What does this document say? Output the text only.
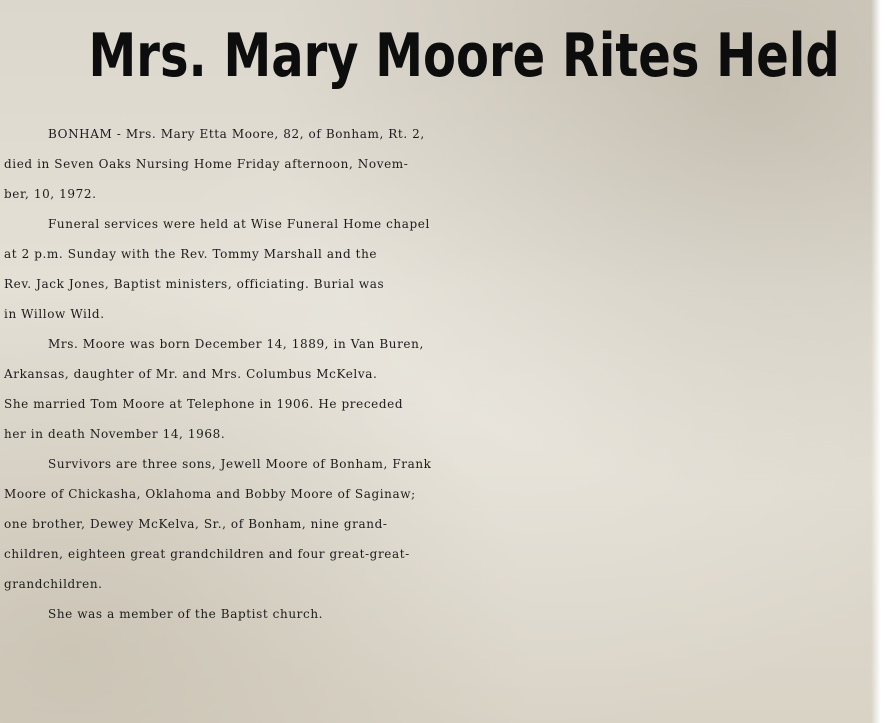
Mrs. Mary Moore Rites Held
BONHAM - Mrs. Mary Etta Moore, 82, of Bonham, Rt. 2,
died in Seven Oaks Nursing Home Friday afternoon, Novem-
ber, 10, 1972.
Funeral services were held at Wise Funeral Home chapel
at 2 p.m. Sunday with the Rev. Tommy Marshall and the
Rev. Jack Jones, Baptist ministers, officiating. Burial was
in Willow Wild.
Mrs. Moore was born December 14, 1889, in Van Buren,
Arkansas, daughter of Mr. and Mrs. Columbus McKelva.
She married Tom Moore at Telephone in 1906. He preceded
her in death November 14, 1968.
Survivors are three sons, Jewell Moore of Bonham, Frank
Moore of Chickasha, Oklahoma and Bobby Moore of Saginaw;
one brother, Dewey McKelva, Sr., of Bonham, nine grand-
children, eighteen great grandchildren and four great-great-
grandchildren.
She was a member of the Baptist church.
